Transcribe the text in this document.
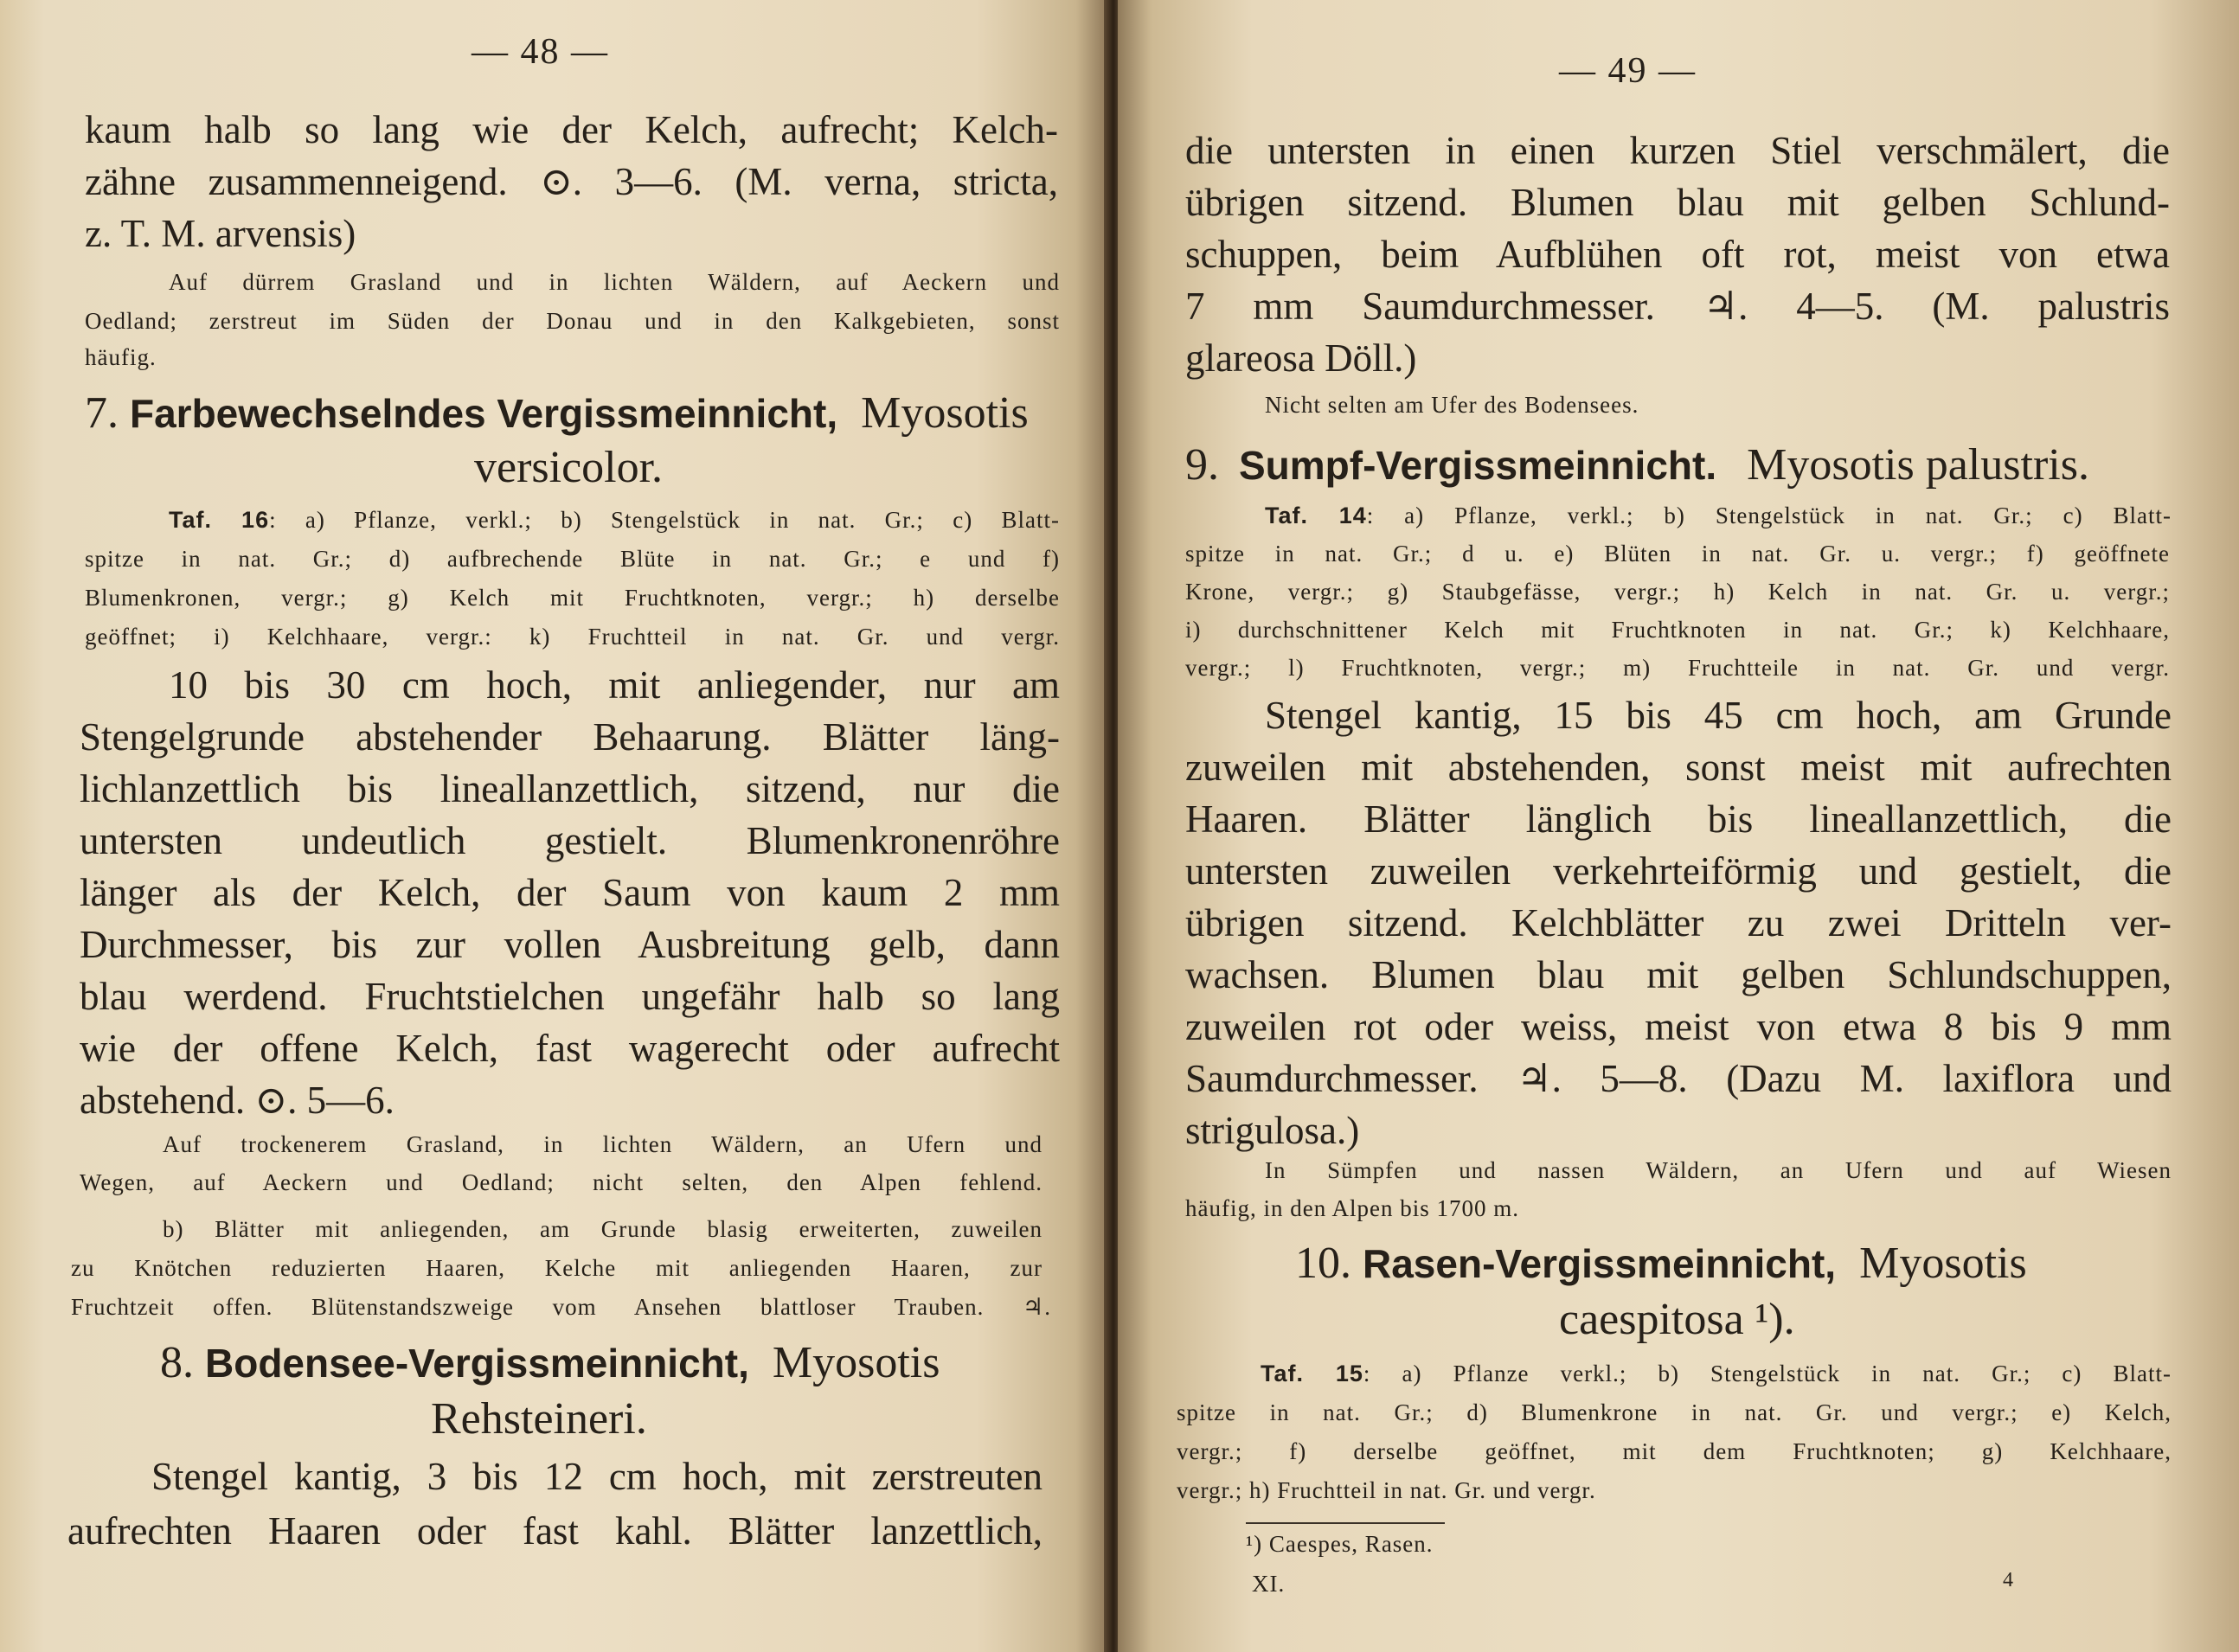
— 48 —
kaum halb so lang wie der Kelch, aufrecht; Kelch-
zähne zusammenneigend. ⊙. 3—6. (M. verna, stricta,
z. T. M. arvensis)
Auf dürrem Grasland und in lichten Wäldern, auf Aeckern und
Oedland; zerstreut im Süden der Donau und in den Kalkgebieten, sonst
häufig.
7. Farbewechselndes Vergissmeinnicht, Myosotis
versicolor.
Taf. 16: a) Pflanze, verkl.; b) Stengelstück in nat. Gr.; c) Blatt-
spitze in nat. Gr.; d) aufbrechende Blüte in nat. Gr.; e und f)
Blumenkronen, vergr.; g) Kelch mit Fruchtknoten, vergr.; h) derselbe
geöffnet; i) Kelchhaare, vergr.: k) Fruchtteil in nat. Gr. und vergr.
10 bis 30 cm hoch, mit anliegender, nur am
Stengelgrunde abstehender Behaarung. Blätter läng-
lichlanzettlich bis lineallanzettlich, sitzend, nur die
untersten undeutlich gestielt. Blumenkronenröhre
länger als der Kelch, der Saum von kaum 2 mm
Durchmesser, bis zur vollen Ausbreitung gelb, dann
blau werdend. Fruchtstielchen ungefähr halb so lang
wie der offene Kelch, fast wagerecht oder aufrecht
abstehend. ⊙. 5—6.
Auf trockenerem Grasland, in lichten Wäldern, an Ufern und
Wegen, auf Aeckern und Oedland; nicht selten, den Alpen fehlend.
b) Blätter mit anliegenden, am Grunde blasig erweiterten, zuweilen
zu Knötchen reduzierten Haaren, Kelche mit anliegenden Haaren, zur
Fruchtzeit offen. Blütenstandszweige vom Ansehen blattloser Trauben. ♃.
8. Bodensee-Vergissmeinnicht, Myosotis
Rehsteineri.
Stengel kantig, 3 bis 12 cm hoch, mit zerstreuten
aufrechten Haaren oder fast kahl. Blätter lanzettlich,
— 49 —
die untersten in einen kurzen Stiel verschmälert, die
übrigen sitzend. Blumen blau mit gelben Schlund-
schuppen, beim Aufblühen oft rot, meist von etwa
7 mm Saumdurchmesser. ♃. 4—5. (M. palustris
glareosa Döll.)
Nicht selten am Ufer des Bodensees.
9. Sumpf-Vergissmeinnicht. Myosotis palustris.
Taf. 14: a) Pflanze, verkl.; b) Stengelstück in nat. Gr.; c) Blatt-
spitze in nat. Gr.; d u. e) Blüten in nat. Gr. u. vergr.; f) geöffnete
Krone, vergr.; g) Staubgefässe, vergr.; h) Kelch in nat. Gr. u. vergr.;
i) durchschnittener Kelch mit Fruchtknoten in nat. Gr.; k) Kelchhaare,
vergr.; l) Fruchtknoten, vergr.; m) Fruchtteile in nat. Gr. und vergr.
Stengel kantig, 15 bis 45 cm hoch, am Grunde
zuweilen mit abstehenden, sonst meist mit aufrechten
Haaren. Blätter länglich bis lineallanzettlich, die
untersten zuweilen verkehrteiförmig und gestielt, die
übrigen sitzend. Kelchblätter zu zwei Dritteln ver-
wachsen. Blumen blau mit gelben Schlundschuppen,
zuweilen rot oder weiss, meist von etwa 8 bis 9 mm
Saumdurchmesser. ♃. 5—8. (Dazu M. laxiflora und
strigulosa.)
In Sümpfen und nassen Wäldern, an Ufern und auf Wiesen
häufig, in den Alpen bis 1700 m.
10. Rasen-Vergissmeinnicht, Myosotis
caespitosa ¹).
Taf. 15: a) Pflanze verkl.; b) Stengelstück in nat. Gr.; c) Blatt-
spitze in nat. Gr.; d) Blumenkrone in nat. Gr. und vergr.; e) Kelch,
vergr.; f) derselbe geöffnet, mit dem Fruchtknoten; g) Kelchhaare,
vergr.; h) Fruchtteil in nat. Gr. und vergr.
¹) Caespes, Rasen.
XI.	4
